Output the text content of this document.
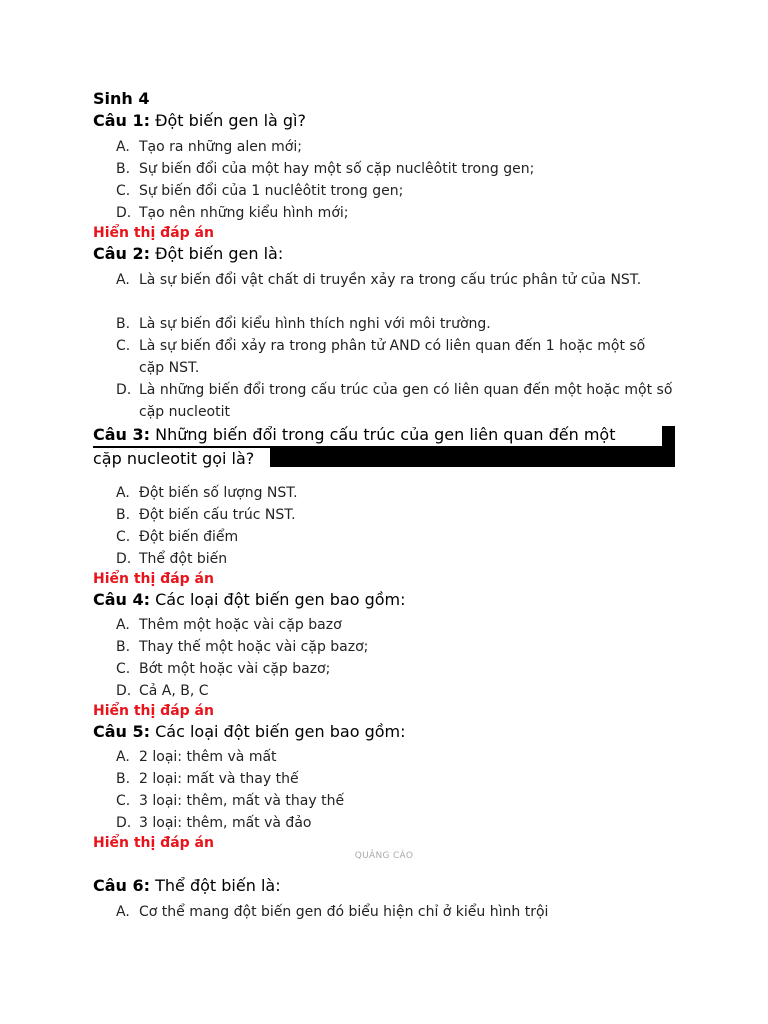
Sinh 4
Câu 1: Đột biến gen là gì?
A. Tạo ra những alen mới;
B. Sự biến đổi của một hay một số cặp nuclêôtit trong gen;
C. Sự biến đổi của 1 nuclêôtit trong gen;
D. Tạo nên những kiểu hình mới;
Hiển thị đáp án
Câu 2: Đột biến gen là:
A. Là sự biến đổi vật chất di truyền xảy ra trong cấu trúc phân tử của NST.
B. Là sự biến đổi kiểu hình thích nghi với môi trường.
C. Là sự biến đổi xảy ra trong phân tử AND có liên quan đến 1 hoặc một số cặp NST.
D. Là những biến đổi trong cấu trúc của gen có liên quan đến một hoặc một số cặp nucleotit
Câu 3: Những biến đổi trong cấu trúc của gen liên quan đến một
cặp nucleotit gọi là?
A. Đột biến số lượng NST.
B. Đột biến cấu trúc NST.
C. Đột biến điểm
D. Thể đột biến
Hiển thị đáp án
Câu 4: Các loại đột biến gen bao gồm:
A. Thêm một hoặc vài cặp bazơ
B. Thay thế một hoặc vài cặp bazơ;
C. Bớt một hoặc vài cặp bazơ;
D. Cả A, B, C
Hiển thị đáp án
Câu 5: Các loại đột biến gen bao gồm:
A. 2 loại: thêm và mất
B. 2 loại: mất và thay thế
C. 3 loại: thêm, mất và thay thế
D. 3 loại: thêm, mất và đảo
Hiển thị đáp án
QUẢNG CÁO
Câu 6: Thể đột biến là:
A. Cơ thể mang đột biến gen đó biểu hiện chỉ ở kiểu hình trội
